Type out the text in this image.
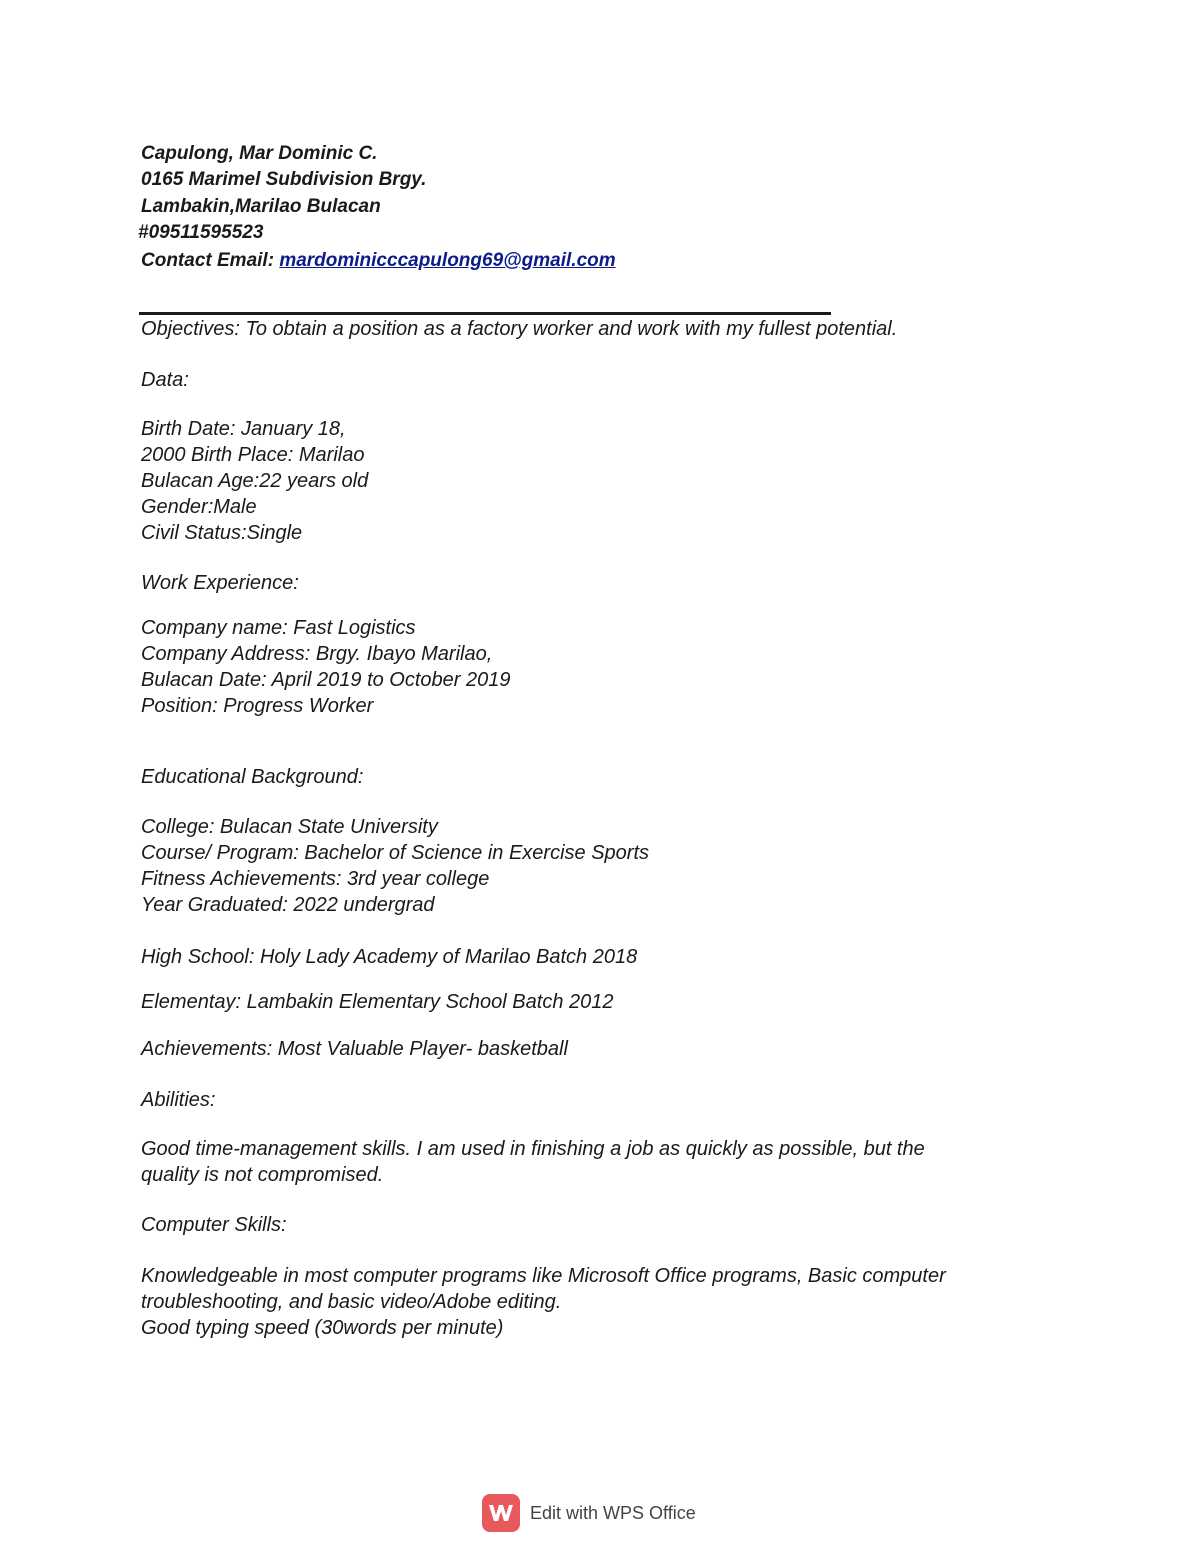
Capulong, Mar Dominic C.
0165 Marimel Subdivision Brgy.
Lambakin,Marilao Bulacan
#09511595523
Contact Email: mardominicccapulong69@gmail.com
Objectives: To obtain a position as a factory worker and work with my fullest potential.
Data:
Birth Date: January 18,
2000 Birth Place: Marilao
Bulacan Age:22 years old
Gender:Male
Civil Status:Single
Work Experience:
Company name: Fast Logistics
Company Address: Brgy. Ibayo Marilao,
Bulacan Date: April 2019 to October 2019
Position: Progress Worker
Educational Background:
College: Bulacan State University
Course/ Program: Bachelor of Science in Exercise Sports
Fitness Achievements: 3rd year college
Year Graduated: 2022 undergrad
High School: Holy Lady Academy of Marilao Batch 2018
Elementay: Lambakin Elementary School Batch 2012
Achievements: Most Valuable Player- basketball
Abilities:
Good time-management skills. I am used in finishing a job as quickly as possible, but the
quality is not compromised.
Computer Skills:
Knowledgeable in most computer programs like Microsoft Office programs, Basic computer
troubleshooting, and basic video/Adobe editing.
Good typing speed (30words per minute)
Edit with WPS Office
